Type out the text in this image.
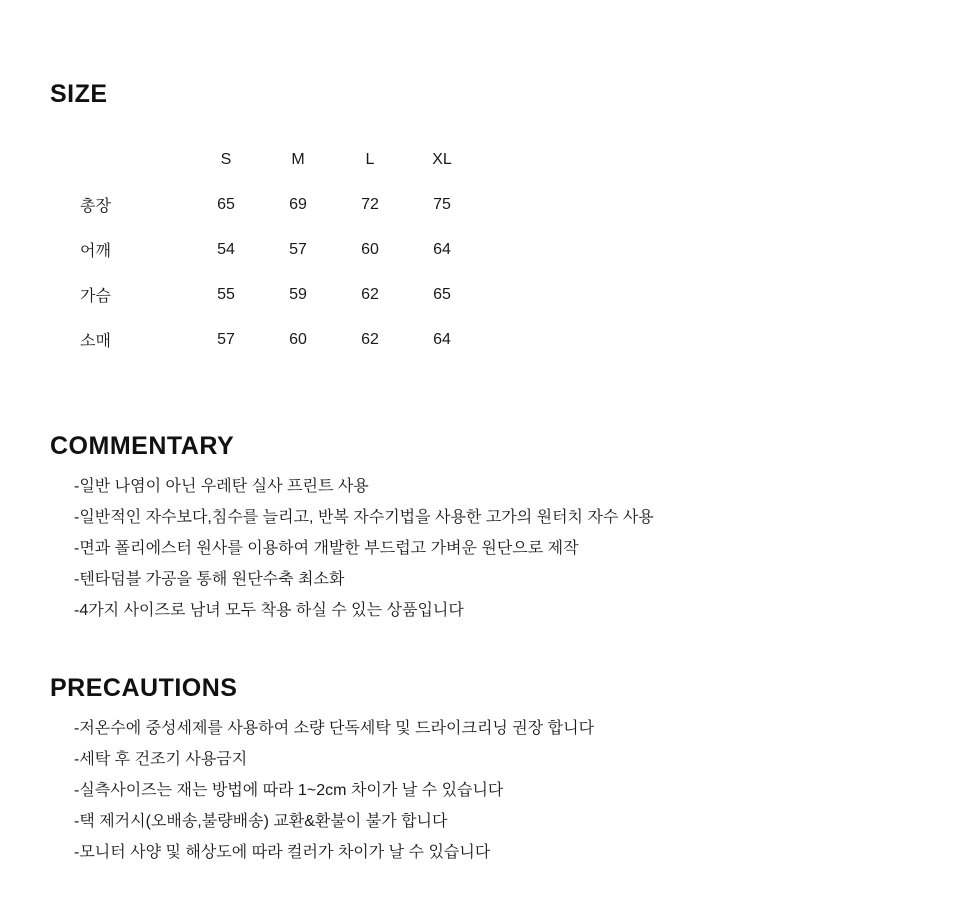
SIZE
	S	M	L	XL
총장	65	69	72	75
어깨	54	57	60	64
가슴	55	59	62	65
소매	57	60	62	64
COMMENTARY
-일반 나염이 아닌 우레탄 실사 프린트 사용
-일반적인 자수보다,침수를 늘리고, 반복 자수기법을 사용한 고가의 원터치 자수 사용
-면과 폴리에스터 원사를 이용하여 개발한 부드럽고 가벼운 원단으로 제작
-텐타덤블 가공을 통해 원단수축 최소화
-4가지 사이즈로 남녀 모두 착용 하실 수 있는 상품입니다
PRECAUTIONS
-저온수에 중성세제를 사용하여 소량 단독세탁 및 드라이크리닝 권장 합니다
-세탁 후 건조기 사용금지
-실측사이즈는 재는 방법에 따라 1~2cm 차이가 날 수 있습니다
-택 제거시(오배송,불량배송) 교환&환불이 불가 합니다
-모니터 사양 및 해상도에 따라 컬러가 차이가 날 수 있습니다
